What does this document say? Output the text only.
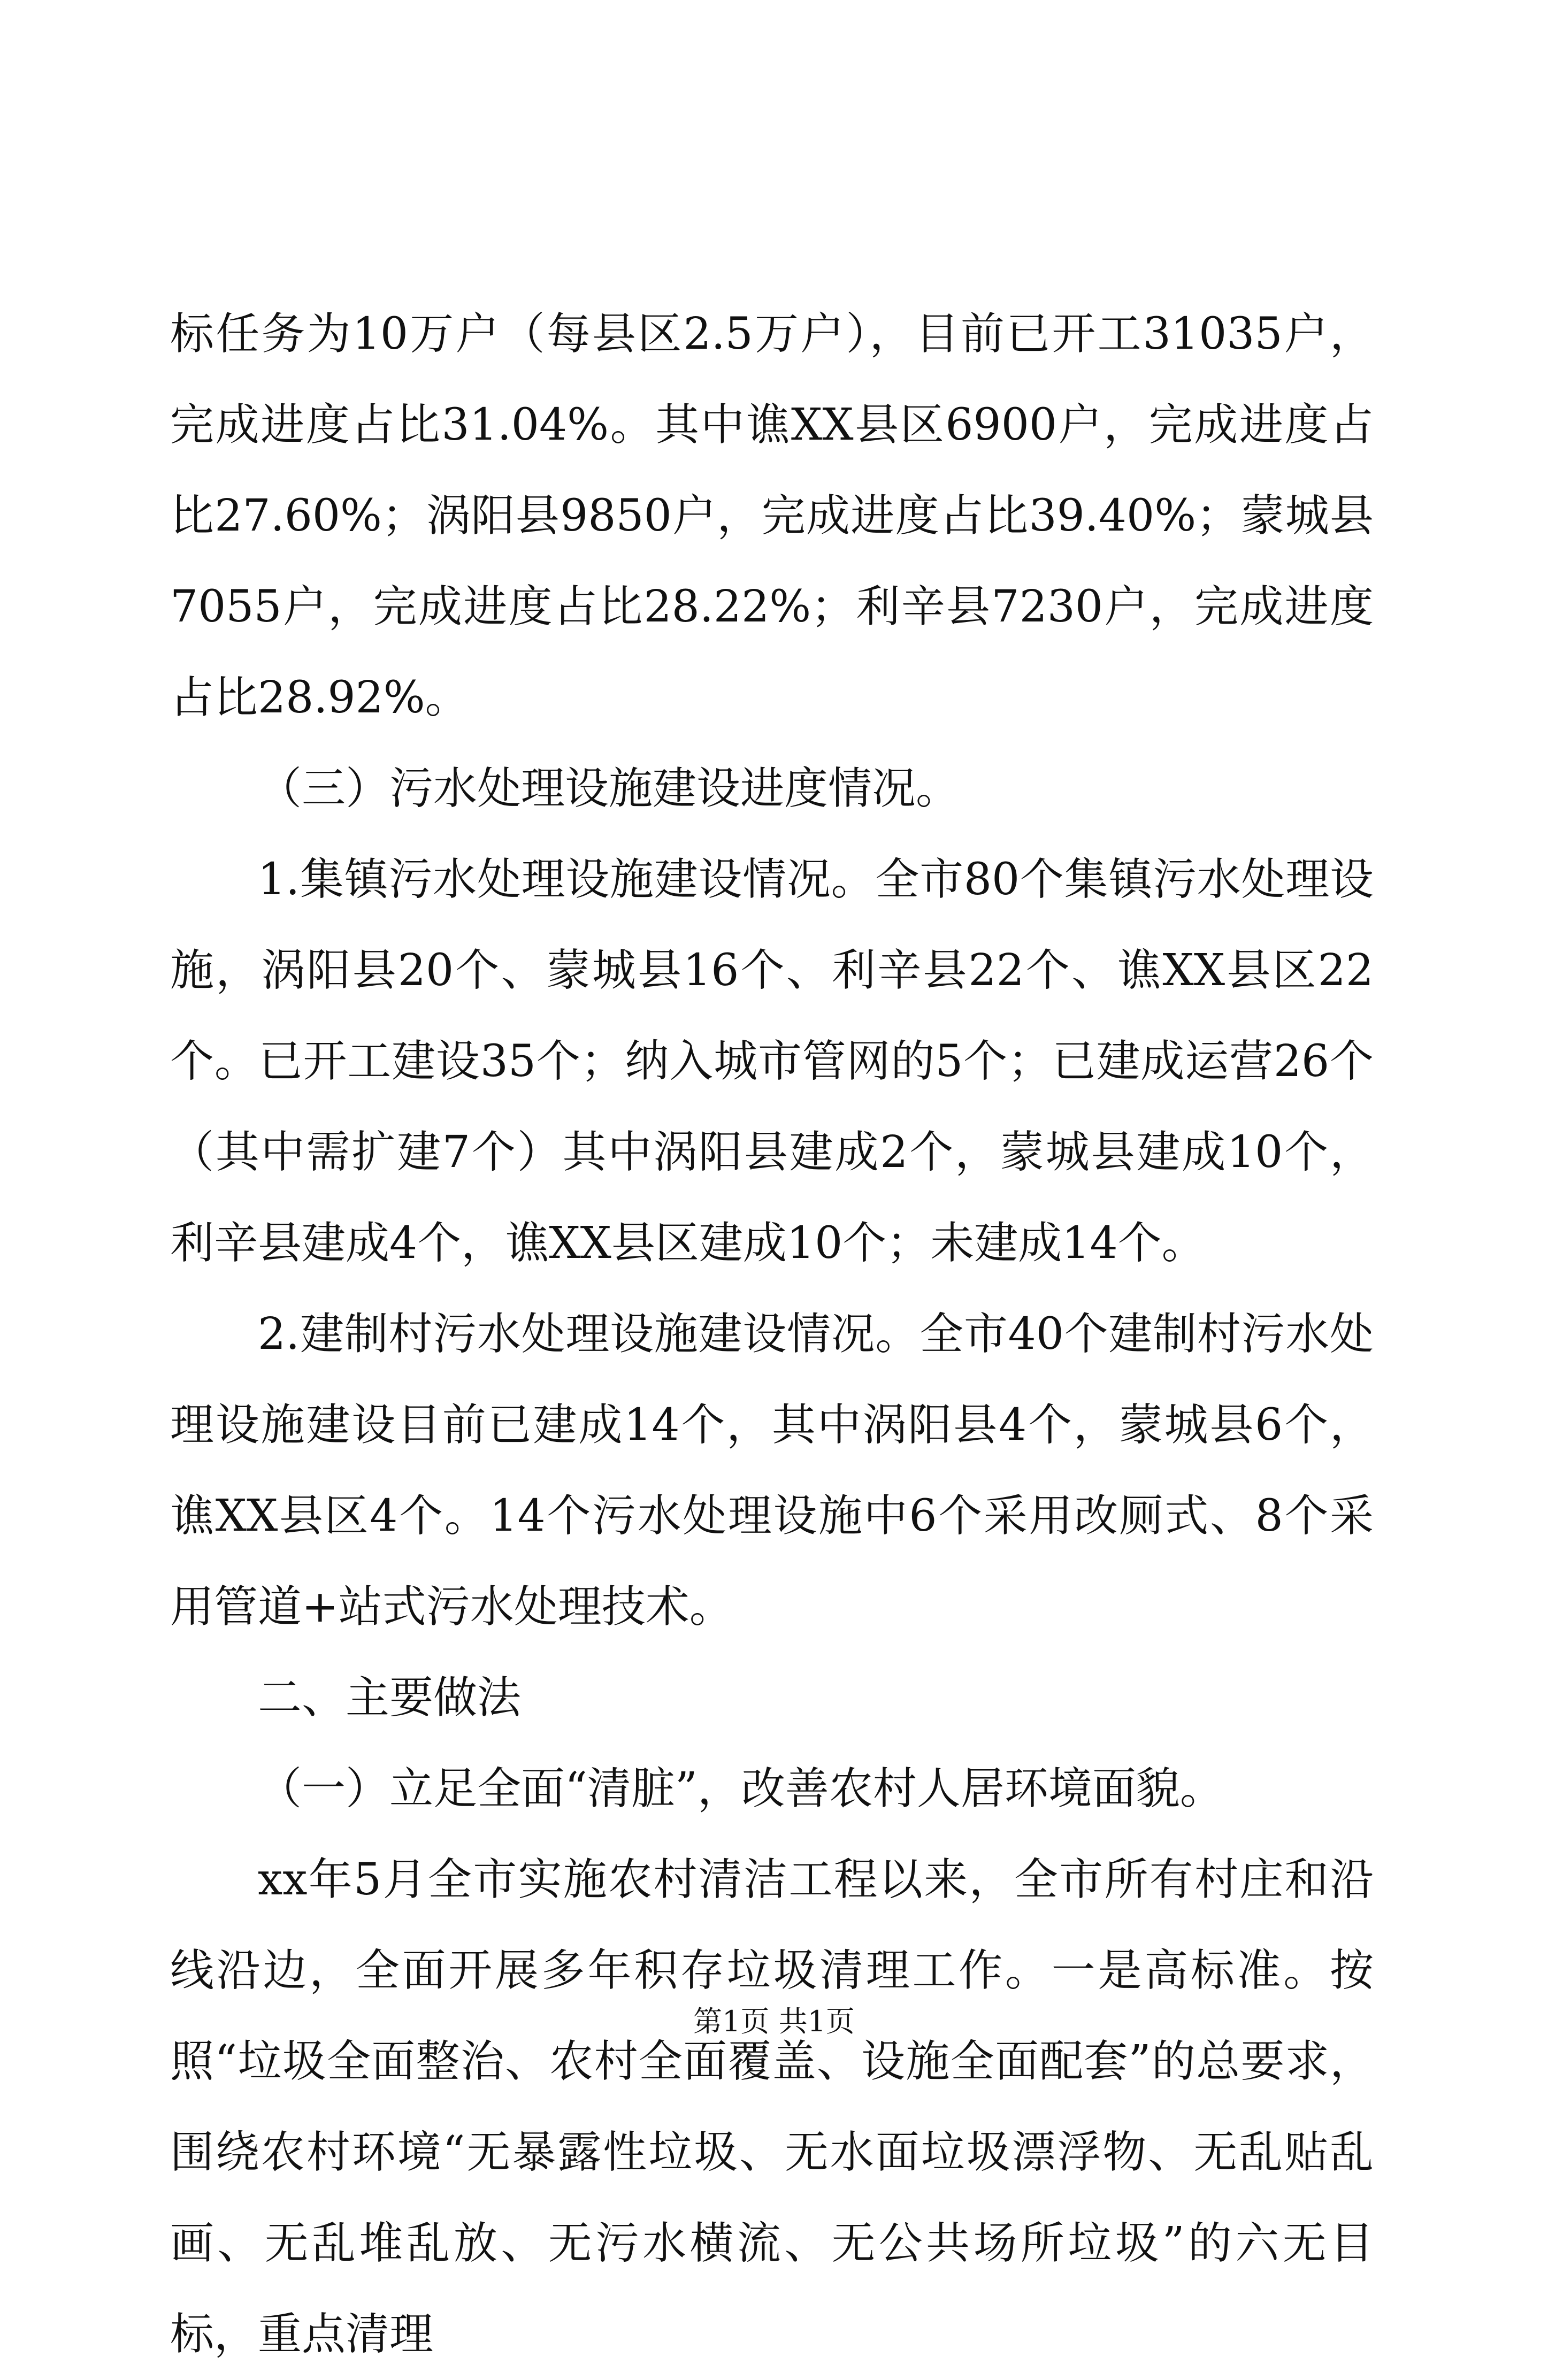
标任务为10万户（每县区2.5万户），目前已开工31035户，完成进度占比31.04%。其中谯XX县区6900户，完成进度占比27.60%；涡阳县9850户，完成进度占比39.40%；蒙城县7055户，完成进度占比28.22%；利辛县7230户，完成进度占比28.92%。

（三）污水处理设施建设进度情况。

1.集镇污水处理设施建设情况。全市80个集镇污水处理设施，涡阳县20个、蒙城县16个、利辛县22个、谯XX县区22个。已开工建设35个；纳入城市管网的5个；已建成运营26个（其中需扩建7个）其中涡阳县建成2个，蒙城县建成10个，利辛县建成4个，谯XX县区建成10个；未建成14个。

2.建制村污水处理设施建设情况。全市40个建制村污水处理设施建设目前已建成14个，其中涡阳县4个，蒙城县6个，谯XX县区4个。14个污水处理设施中6个采用改厕式、8个采用管道+站式污水处理技术。

二、主要做法

（一）立足全面“清脏”，改善农村人居环境面貌。

xx年5月全市实施农村清洁工程以来，全市所有村庄和沿线沿边，全面开展多年积存垃圾清理工作。一是高标准。按照“垃圾全面整治、农村全面覆盖、设施全面配套”的总要求，围绕农村环境“无暴露性垃圾、无水面垃圾漂浮物、无乱贴乱画、无乱堆乱放、无污水横流、无公共场所垃圾”的六无目标，重点清理

第1页 共1页
